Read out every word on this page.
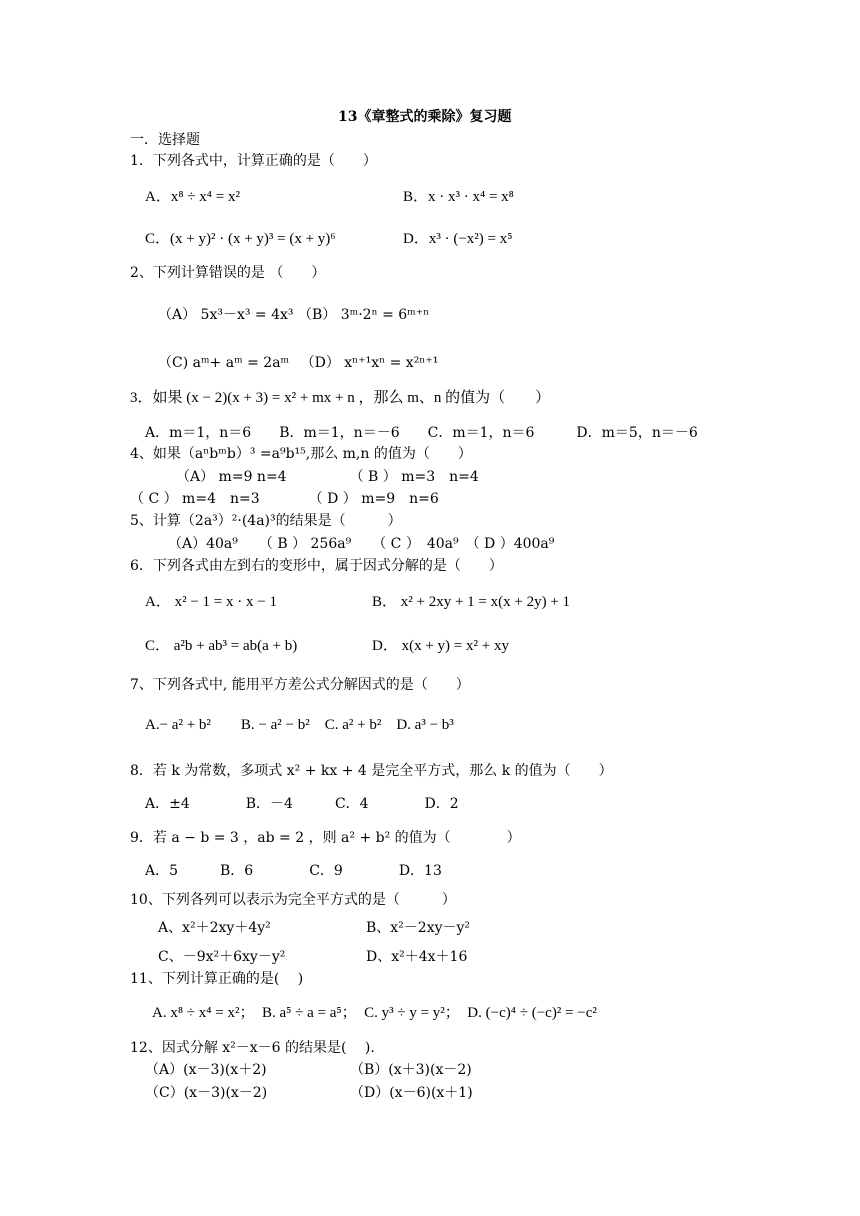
13《章整式的乘除》复习题
一．选择题
1．下列各式中，计算正确的是（　　）
A．x⁸ ÷ x⁴ = x²	B．x · x³ · x⁴ = x⁸
C．(x + y)² · (x + y)³ = (x + y)⁶	D．x³ · (−x²) = x⁵
2、下列计算错误的是 （　　）
（A） 5x³－x³ = 4x³ （B） 3ᵐ·2ⁿ = 6ᵐ⁺ⁿ
（C) aᵐ+ aᵐ = 2aᵐ 　（D） xⁿ⁺¹xⁿ = x²ⁿ⁺¹
3．如果 (x − 2)(x + 3) = x² + mx + n ，那么 m、n 的值为（　　）
A．m＝1，n＝6　　B．m＝1，n＝－6　　C．m＝1，n＝6　　　D．m＝5，n＝－6
4、如果（aⁿbᵐb）³ =a⁹b¹⁵,那么 m,n 的值为（　　）
（A） m=9 n=4　　　　　（ B ） m=3　n=4
（ C ） m=4　n=3　　　　（ D ） m=9　n=6
5、计算（2a³）²·(4a)³的结果是（　　　）
（A）40a⁹　　（ B ） 256a⁹　　（ C ）　40a⁹　（ D ）400a⁹
6．下列各式由左到右的变形中，属于因式分解的是（　　）
A． x² − 1 = x · x − 1	B． x² + 2xy + 1 = x(x + 2y) + 1
C． a²b + ab³ = ab(a + b)	D． x(x + y) = x² + xy
7、下列各式中, 能用平方差公式分解因式的是（　　）
A.− a² + b²　　B. − a² − b²　C. a² + b²　D. a³ − b³
8．若 k 为常数，多项式 x² + kx + 4 是完全平方式，那么 k 的值为（　　）
A．±4　　　　B．－4　　　C．4　　　　D．2
9．若 a − b = 3 ，ab = 2 ，则 a² + b² 的值为（　　　　）
A．5　　　B．6　　　　C．9　　　　D．13
10、下列各列可以表示为完全平方式的是（　　　）
A、x²＋2xy＋4y²	B、x²－2xy－y²
C、－9x²＋6xy－y²	D、x²＋4x＋16
11、下列计算正确的是(　 )
A. x⁸ ÷ x⁴ = x²；　B. a⁵ ÷ a = a⁵；　C. y³ ÷ y = y²；　D. (−c)⁴ ÷ (−c)² = −c²
12、因式分解 x²－x－6 的结果是(　 ).
（A）(x－3)(x＋2)	（B）(x＋3)(x－2)
（C）(x－3)(x－2)	（D）(x－6)(x＋1)
